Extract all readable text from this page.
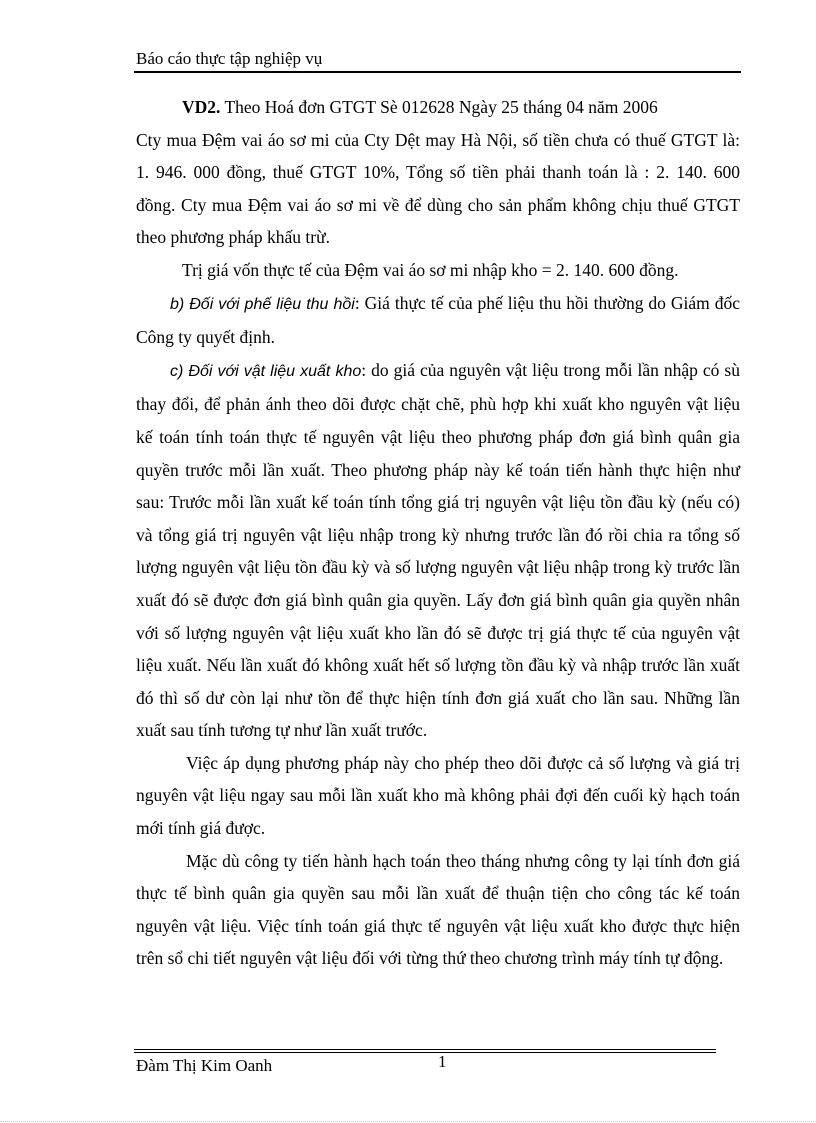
Báo cáo thực tập nghiệp vụ

VD2. Theo Hoá đơn GTGT Sè 012628 Ngày 25 tháng 04 năm 2006
Cty mua Đệm vai áo sơ mi của Cty Dệt may Hà Nội, số tiền chưa có thuế GTGT là: 1. 946. 000 đồng, thuế GTGT 10%, Tổng số tiền phải thanh toán là : 2. 140. 600 đồng. Cty mua Đệm vai áo sơ mi về để dùng cho sản phẩm không chịu thuế GTGT theo phương pháp khấu trừ.

Trị giá vốn thực tế của Đệm vai áo sơ mi nhập kho = 2. 140. 600 đồng.

b) Đối với phế liệu thu hồi: Giá thực tế của phế liệu thu hồi thường do Giám đốc Công ty quyết định.

c) Đối với vật liệu xuất kho: do giá của nguyên vật liệu trong mỗi lần nhập có sù thay đổi, để phản ánh theo dõi được chặt chẽ, phù hợp khi xuất kho nguyên vật liệu kế toán tính toán thực tế nguyên vật liệu theo phương pháp đơn giá bình quân gia quyền trước mỗi lần xuất. Theo phương pháp này kế toán tiến hành thực hiện như sau: Trước mỗi lần xuất kế toán tính tổng giá trị nguyên vật liệu tồn đầu kỳ (nếu có) và tổng giá trị nguyên vật liệu nhập trong kỳ nhưng trước lần đó rồi chia ra tổng số lượng nguyên vật liệu tồn đầu kỳ và số lượng nguyên vật liệu nhập trong kỳ trước lần xuất đó sẽ được đơn giá bình quân gia quyền. Lấy đơn giá bình quân gia quyền nhân với số lượng nguyên vật liệu xuất kho lần đó sẽ được trị giá thực tế của nguyên vật liệu xuất. Nếu lần xuất đó không xuất hết số lượng tồn đầu kỳ và nhập trước lần xuất đó thì số dư còn lại như tồn để thực hiện tính đơn giá xuất cho lần sau. Những lần xuất sau tính tương tự như lần xuất trước.

Việc áp dụng phương pháp này cho phép theo dõi được cả số lượng và giá trị nguyên vật liệu ngay sau mỗi lần xuất kho mà không phải đợi đến cuối kỳ hạch toán mới tính giá được.

Mặc dù công ty tiến hành hạch toán theo tháng nhưng công ty lại tính đơn giá thực tế bình quân gia quyền sau mỗi lần xuất để thuận tiện cho công tác kế toán nguyên vật liệu. Việc tính toán giá thực tế nguyên vật liệu xuất kho được thực hiện trên sổ chi tiết nguyên vật liệu đối với từng thứ theo chương trình máy tính tự động.

Đàm Thị Kim Oanh	1
